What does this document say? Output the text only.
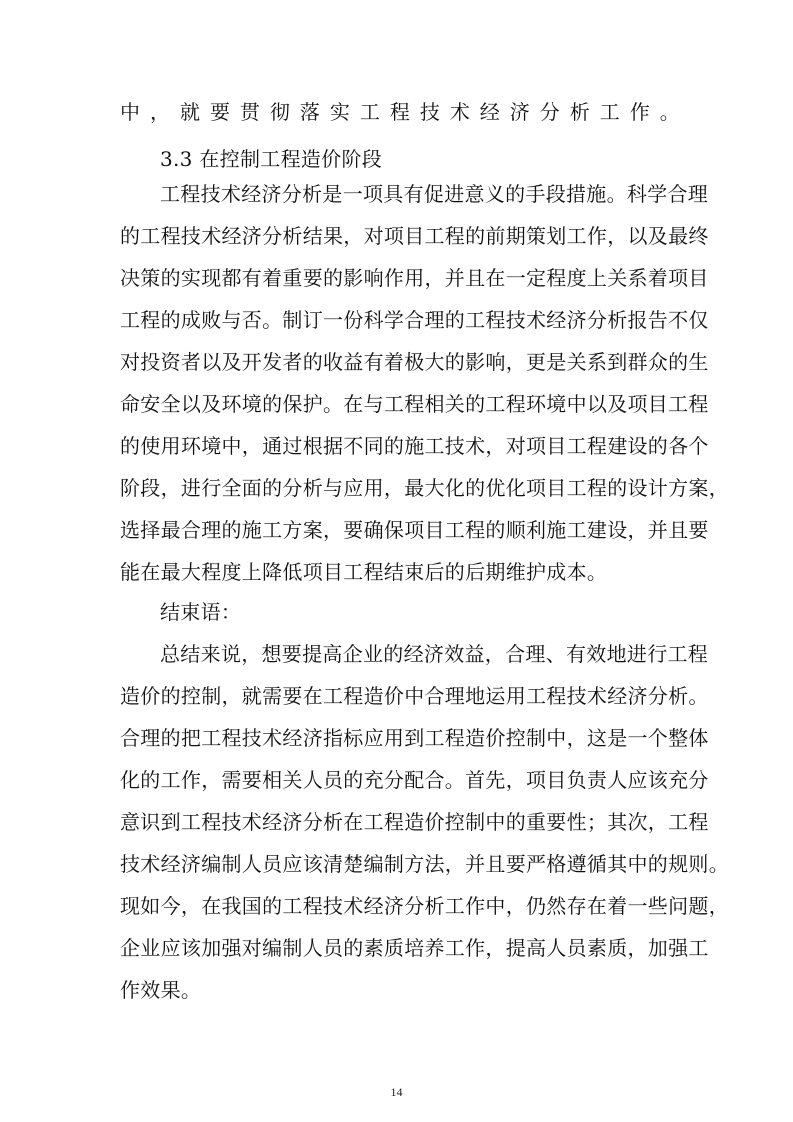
中，就要贯彻落实工程技术经济分析工作。
3.3 在控制工程造价阶段
工程技术经济分析是一项具有促进意义的手段措施。科学合理
的工程技术经济分析结果，对项目工程的前期策划工作，以及最终
决策的实现都有着重要的影响作用，并且在一定程度上关系着项目
工程的成败与否。制订一份科学合理的工程技术经济分析报告不仅
对投资者以及开发者的收益有着极大的影响，更是关系到群众的生
命安全以及环境的保护。在与工程相关的工程环境中以及项目工程
的使用环境中，通过根据不同的施工技术，对项目工程建设的各个
阶段，进行全面的分析与应用，最大化的优化项目工程的设计方案，
选择最合理的施工方案，要确保项目工程的顺利施工建设，并且要
能在最大程度上降低项目工程结束后的后期维护成本。
结束语：
总结来说，想要提高企业的经济效益，合理、有效地进行工程
造价的控制，就需要在工程造价中合理地运用工程技术经济分析。
合理的把工程技术经济指标应用到工程造价控制中，这是一个整体
化的工作，需要相关人员的充分配合。首先，项目负责人应该充分
意识到工程技术经济分析在工程造价控制中的重要性；其次，工程
技术经济编制人员应该清楚编制方法，并且要严格遵循其中的规则。
现如今，在我国的工程技术经济分析工作中，仍然存在着一些问题，
企业应该加强对编制人员的素质培养工作，提高人员素质，加强工
作效果。
14
